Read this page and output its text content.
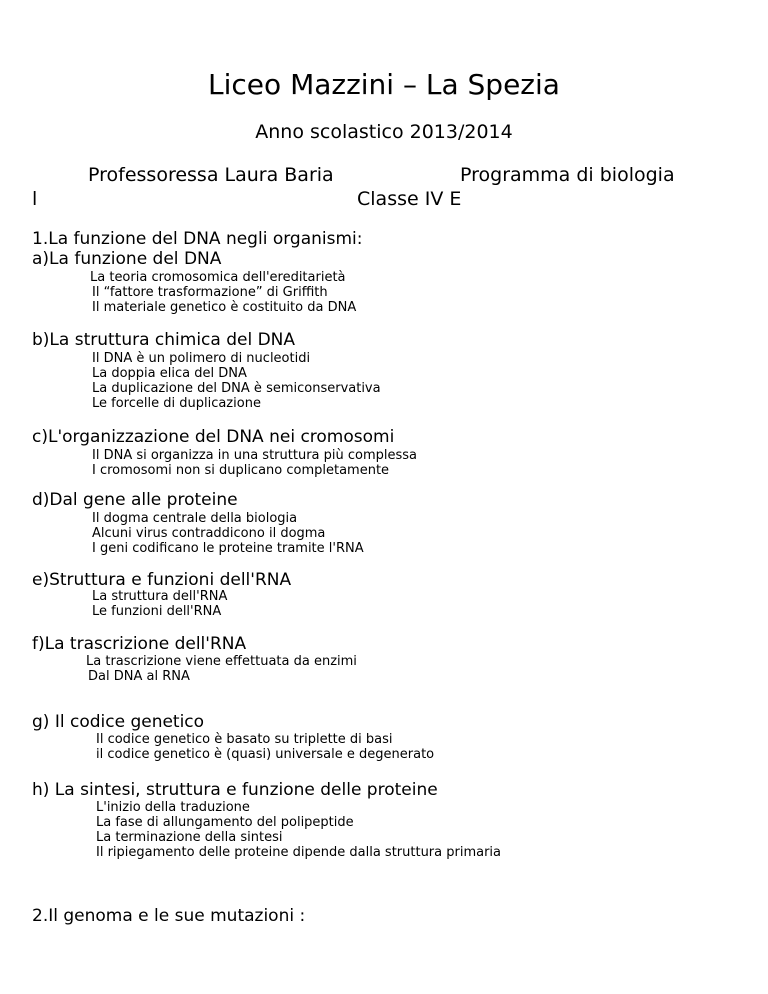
Liceo Mazzini – La Spezia
Anno scolastico 2013/2014
Professoressa Laura Baria	Programma di biologia
l	Classe IV E
1.La funzione del DNA negli organismi:
a)La funzione del DNA
La teoria cromosomica dell'ereditarietà
Il “fattore trasformazione” di Griffith
Il materiale genetico è costituito da DNA
b)La struttura chimica del DNA
Il DNA è un polimero di nucleotidi
La doppia elica del DNA
La duplicazione del DNA è semiconservativa
Le forcelle di duplicazione
c)L'organizzazione del DNA nei cromosomi
Il DNA si organizza in una struttura più complessa
I cromosomi non si duplicano completamente
d)Dal gene alle proteine
Il dogma centrale della biologia
Alcuni virus contraddicono il dogma
I geni codificano le proteine tramite l'RNA
e)Struttura e funzioni dell'RNA
La struttura dell'RNA
Le funzioni dell'RNA
f)La trascrizione dell'RNA
La trascrizione viene effettuata da enzimi
Dal DNA al RNA
g) Il codice genetico
Il codice genetico è basato su triplette di basi
il codice genetico è (quasi) universale e degenerato
h) La sintesi, struttura e funzione delle proteine
L'inizio della traduzione
La fase di allungamento del polipeptide
La terminazione della sintesi
Il ripiegamento delle proteine dipende dalla struttura primaria
2.Il genoma e le sue mutazioni :
